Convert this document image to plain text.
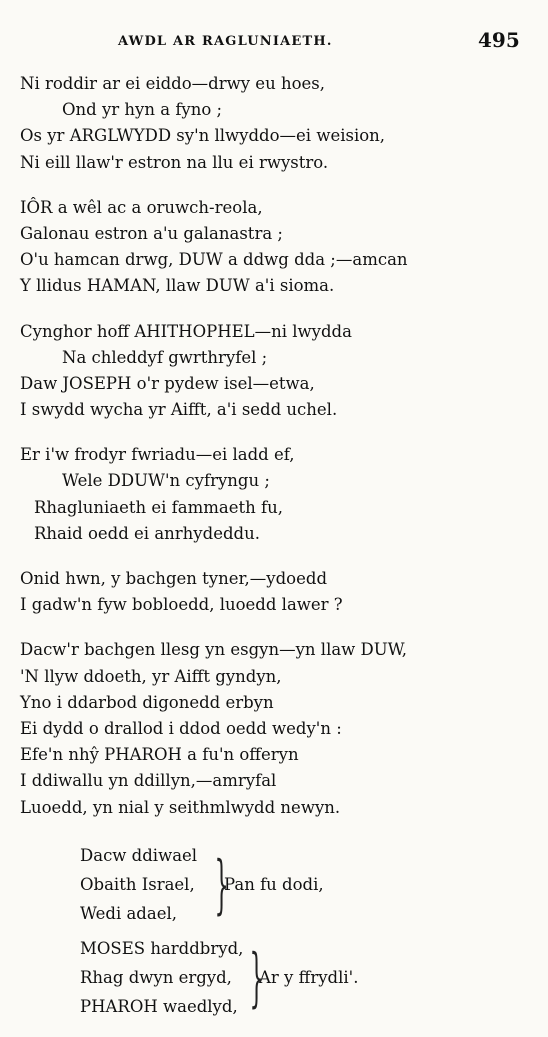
AWDL AR RAGLUNIAETH.	495
Ni roddir ar ei eiddo—drwy eu hoes,
Ond yr hyn a fyno ;
Os yr ARGLWYDD sy'n llwyddo—ei weision,
Ni eill llaw'r estron na llu ei rwystro.
IÔR a wêl ac a oruwch-reola,
Galonau estron a'u galanastra ;
O'u hamcan drwg, DUW a ddwg dda ;—amcan
Y llidus HAMAN, llaw DUW a'i sioma.
Cynghor hoff AHITHOPHEL—ni lwydda
Na chleddyf gwrthryfel ;
Daw JOSEPH o'r pydew isel—etwa,
I swydd wycha yr Aifft, a'i sedd uchel.
Er i'w frodyr fwriadu—ei ladd ef,
Wele DDUW'n cyfryngu ;
Rhagluniaeth ei fammaeth fu,
Rhaid oedd ei anrhydeddu.
Onid hwn, y bachgen tyner,—ydoedd
I gadw'n fyw bobloedd, luoedd lawer ?
Dacw'r bachgen llesg yn esgyn—yn llaw DUW,
'N llyw ddoeth, yr Aifft gyndyn,
Yno i ddarbod digonedd erbyn
Ei dydd o drallod i ddod oedd wedy'n :
Efe'n nhŷ PHAROH a fu'n offeryn
I ddiwallu yn ddillyn,—amryfal
Luoedd, yn nial y seithmlwydd newyn.
Dacw ddiwael
Obaith Israel,
Wedi adael, }
Pan fu dodi,
MOSES harddbryd,
Rhag dwyn ergyd,
PHAROH waedlyd, }
Ar y ffrydli'.
